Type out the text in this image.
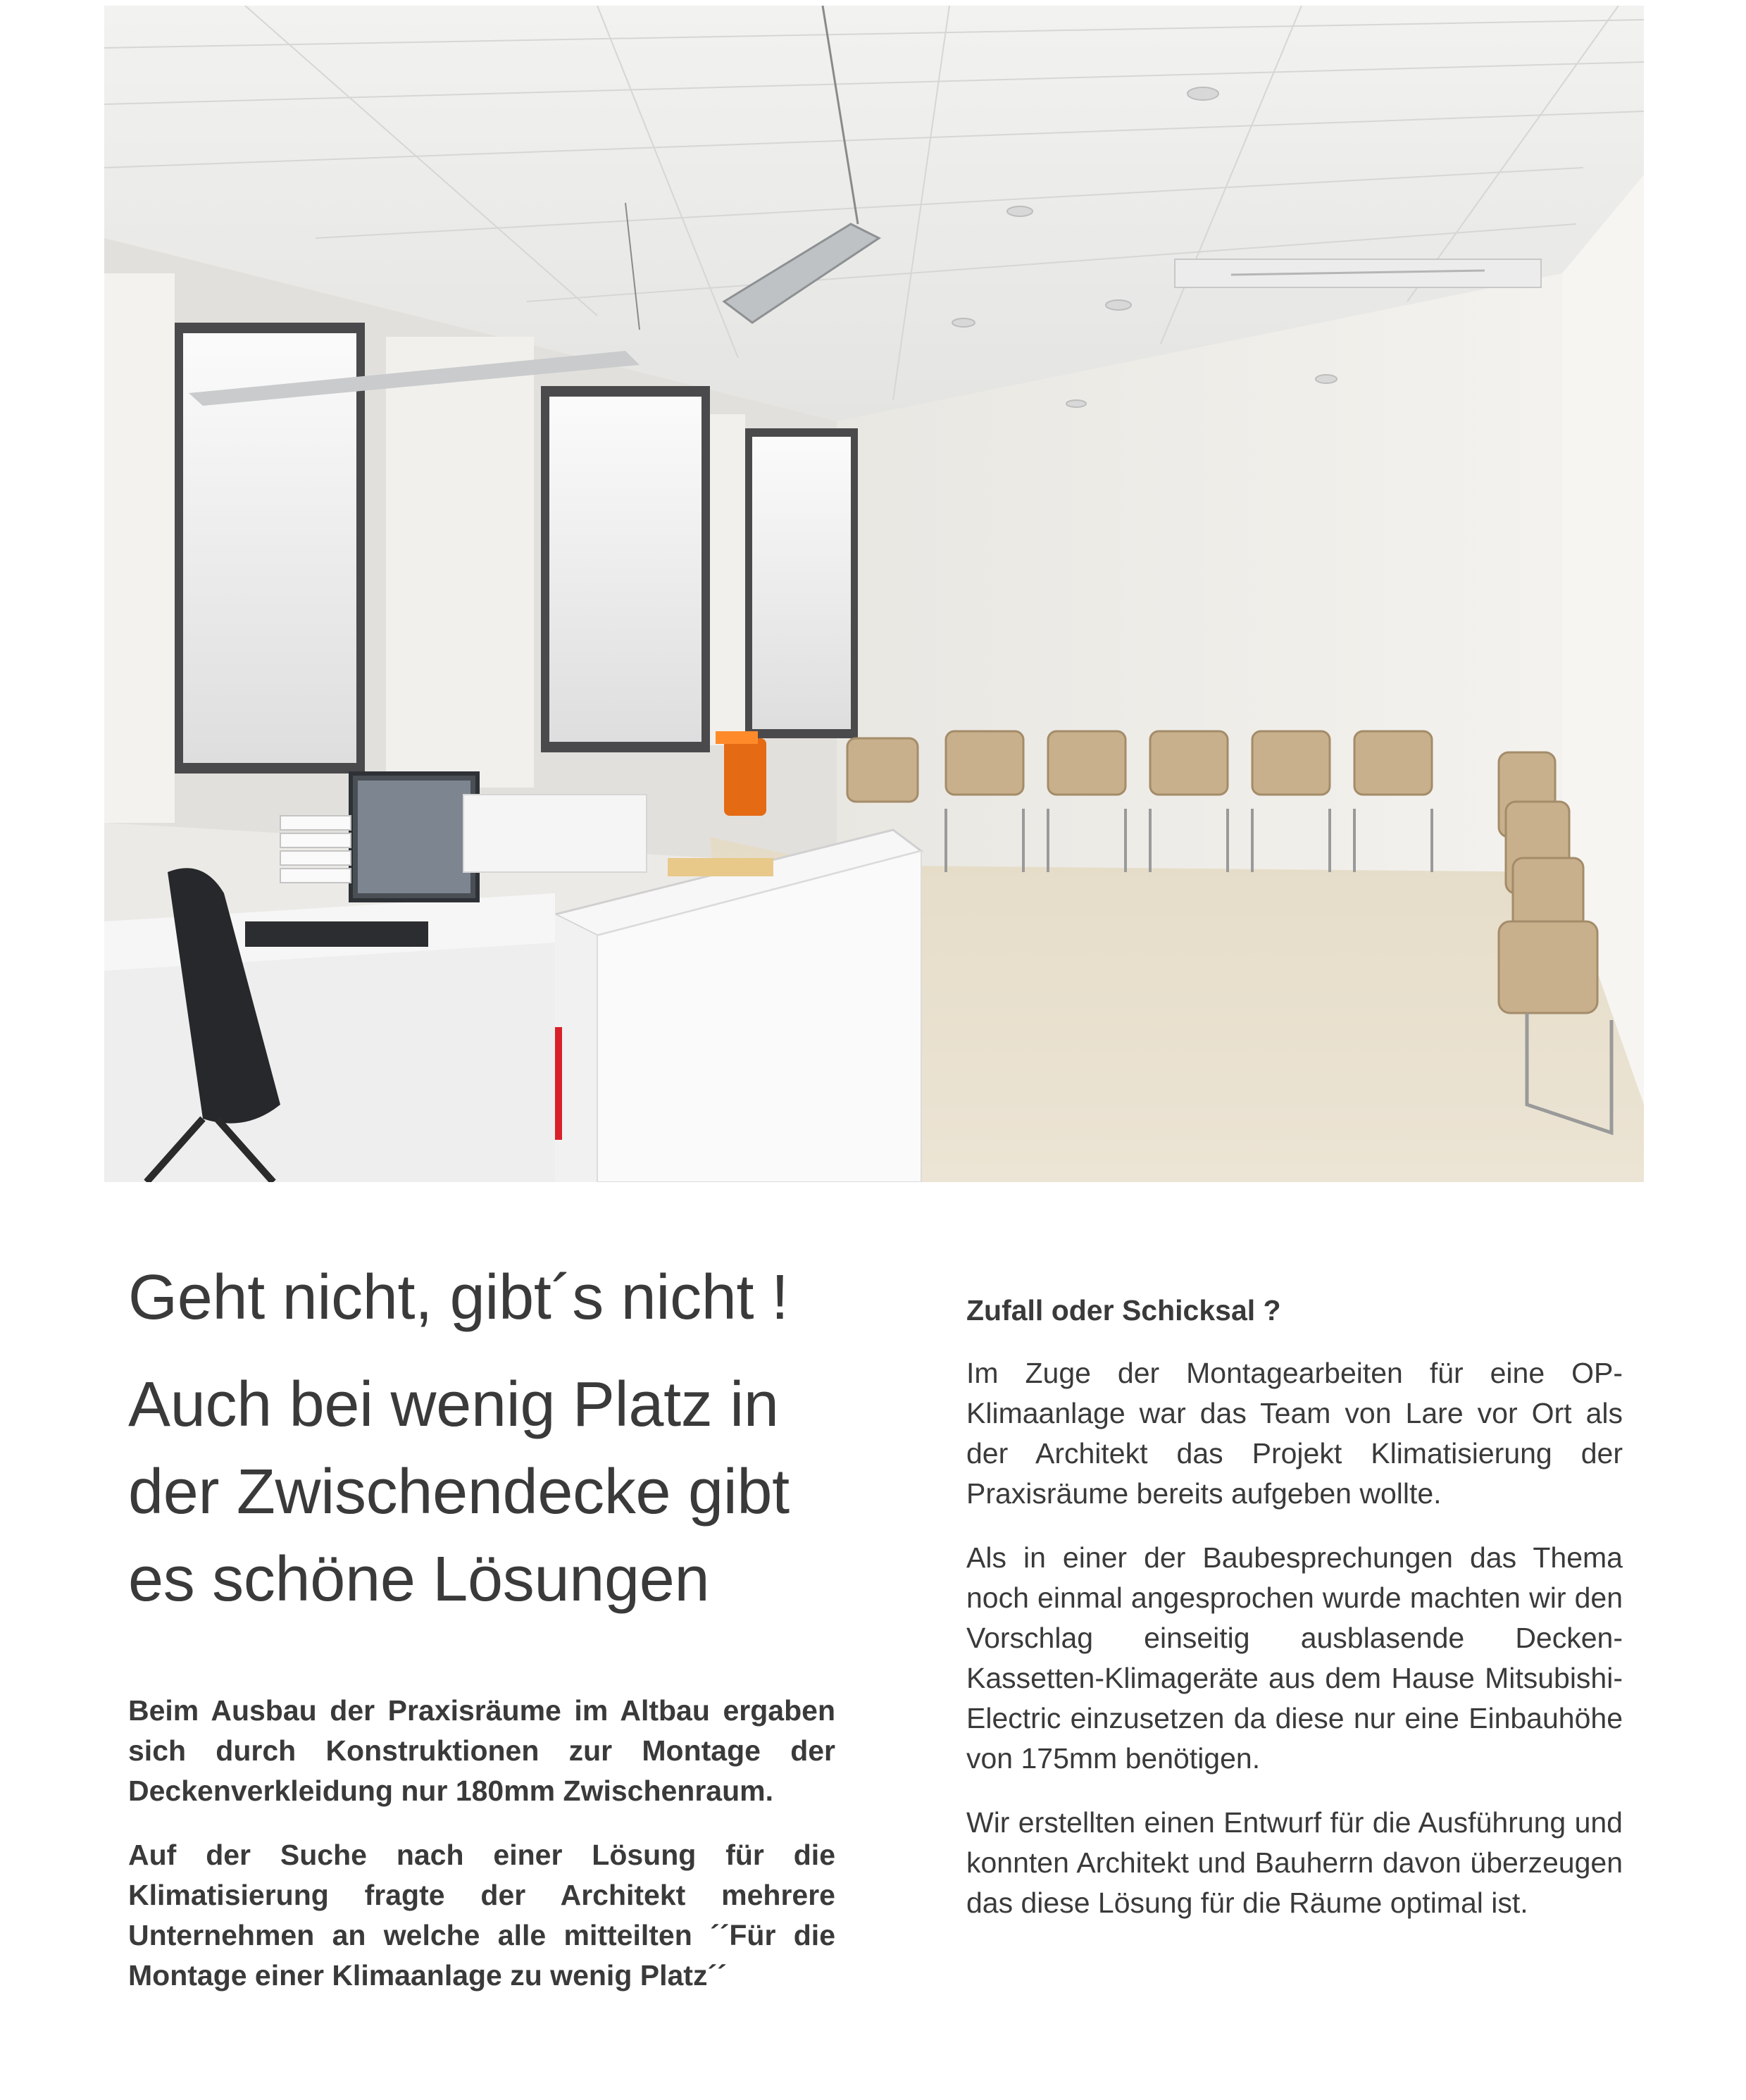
Geht nicht, gibt´s nicht !
Auch bei wenig Platz in der Zwischendecke gibt es schöne Lösungen

Beim Ausbau der Praxisräume im Altbau ergaben sich durch Konstruktionen zur Montage der Deckenverkleidung nur 180mm Zwischenraum.

Auf der Suche nach einer Lösung für die Klimatisierung fragte der Architekt mehrere Unternehmen an welche alle mitteilten ´´Für die Montage einer Klimaanlage zu wenig Platz´´

Zufall oder Schicksal ?

Im Zuge der Montagearbeiten für eine OP-Klimaanlage war das Team von Lare vor Ort als der Architekt das Projekt Klimatisierung der Praxisräume bereits aufgeben wollte.

Als in einer der Baubesprechungen das Thema noch einmal angesprochen wurde machten wir den Vorschlag einseitig ausblasende Decken-Kassetten-Klimageräte aus dem Hause Mitsubishi-Electric einzusetzen da diese nur eine Einbauhöhe von 175mm benötigen.

Wir erstellten einen Entwurf für die Ausführung und konnten Architekt und Bauherrn davon überzeugen das diese Lösung für die Räume optimal ist.
